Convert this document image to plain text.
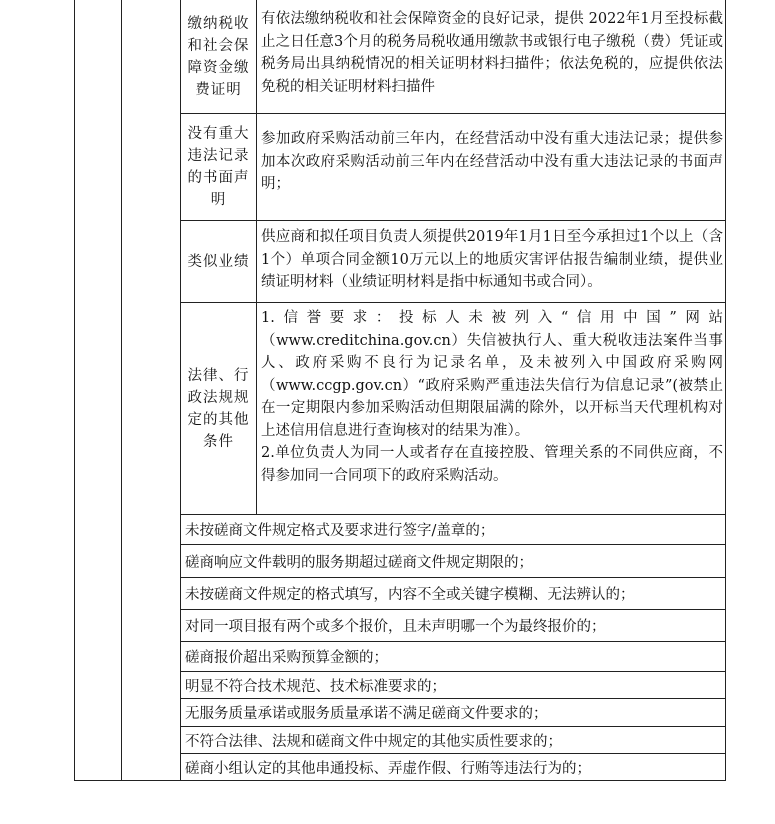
缴纳税收和社会保障资金缴费证明

有依法缴纳税收和社会保障资金的良好记录，提供 2022年1月至投标截止之日任意3个月的税务局税收通用缴款书或银行电子缴税（费）凭证或税务局出具纳税情况的相关证明材料扫描件；依法免税的，应提供依法免税的相关证明材料扫描件

没有重大违法记录的书面声明

参加政府采购活动前三年内，在经营活动中没有重大违法记录；提供参加本次政府采购活动前三年内在经营活动中没有重大违法记录的书面声明；

类似业绩

供应商和拟任项目负责人须提供2019年1月1日至今承担过1个以上（含1个）单项合同金额10万元以上的地质灾害评估报告编制业绩，提供业绩证明材料（业绩证明材料是指中标通知书或合同）。

法律、行政法规规定的其他条件

1.信誉要求：投标人未被列入“信用中国”网站（www.creditchina.gov.cn）失信被执行人、重大税收违法案件当事人、政府采购不良行为记录名单，及未被列入中国政府采购网（www.ccgp.gov.cn）“政府采购严重违法失信行为信息记录”(被禁止在一定期限内参加采购活动但期限届满的除外，以开标当天代理机构对上述信用信息进行查询核对的结果为准）。

2.单位负责人为同一人或者存在直接控股、管理关系的不同供应商，不得参加同一合同项下的政府采购活动。

未按磋商文件规定格式及要求进行签字/盖章的；
磋商响应文件载明的服务期超过磋商文件规定期限的；
未按磋商文件规定的格式填写，内容不全或关键字模糊、无法辨认的；
对同一项目报有两个或多个报价，且未声明哪一个为最终报价的；
磋商报价超出采购预算金额的；
明显不符合技术规范、技术标准要求的；
无服务质量承诺或服务质量承诺不满足磋商文件要求的；
不符合法律、法规和磋商文件中规定的其他实质性要求的；
磋商小组认定的其他串通投标、弄虚作假、行贿等违法行为的；
